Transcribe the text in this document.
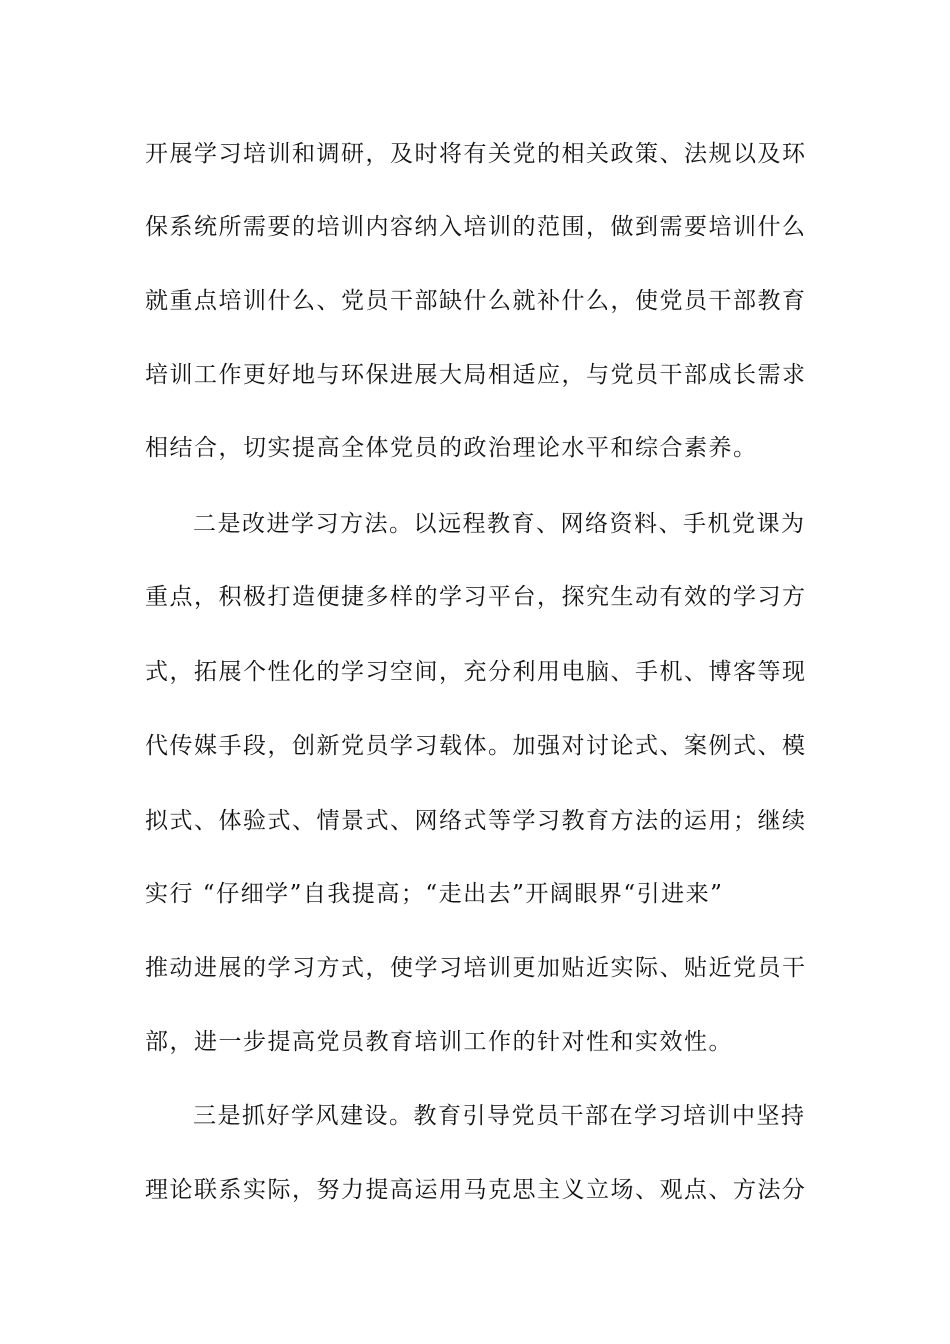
开展学习培训和调研，及时将有关党的相关政策、法规以及环
保系统所需要的培训内容纳入培训的范围，做到需要培训什么
就重点培训什么、党员干部缺什么就补什么，使党员干部教育
培训工作更好地与环保进展大局相适应，与党员干部成长需求
相结合，切实提高全体党员的政治理论水平和综合素养。
二是改进学习方法。以远程教育、网络资料、手机党课为
重点，积极打造便捷多样的学习平台，探究生动有效的学习方
式，拓展个性化的学习空间，充分利用电脑、手机、博客等现
代传媒手段，创新党员学习载体。加强对讨论式、案例式、模
拟式、体验式、情景式、网络式等学习教育方法的运用；继续
实行 “仔细学”自我提高；“走出去”开阔眼界“引进来”
推动进展的学习方式，使学习培训更加贴近实际、贴近党员干
部，进一步提高党员教育培训工作的针对性和实效性。
三是抓好学风建设。教育引导党员干部在学习培训中坚持
理论联系实际，努力提高运用马克思主义立场、观点、方法分
